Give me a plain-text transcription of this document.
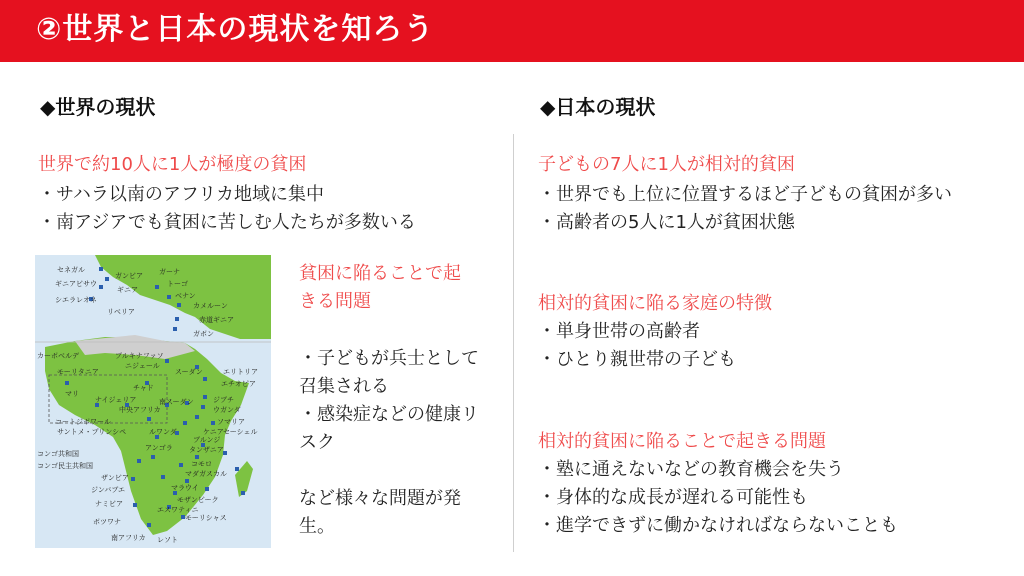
②世界と日本の現状を知ろう
◆世界の現状
世界で約10人に1人が極度の貧困
・サハラ以南のアフリカ地域に集中
・南アジアでも貧困に苦しむ人たちが多数いる
セネガル
ガンビア
ギニアビサウ
ギニア
シエラレオネ
リベリア
ガーナ
トーゴ
ベナン
カメルーン
赤道ギニア
ガボン
カーボベルデ	ブルキナファソ
ニジェール
モーリタニア	スーダン	エリトリア
エチオピア
チャド
マリ
ナイジェリア	ジブチ
ウガンダ
南スーダン
中央アフリカ
ソマリア
コートジボワール
サントメ・プリンシペ	ルワンダ	ケニア セーシェル
ブルンジ
タンザニア
コンゴ共和国
コンゴ民主共和国
アンゴラ
コモロ
マダガスカル
ザンビア
マラウイ
ジンバブエ
モザンビーク
ナミビア
エスワティニ
モーリシャス
ボツワナ
南アフリカ レソト
貧困に陥ることで起
きる問題
・子どもが兵士として
召集される
・感染症などの健康リ
スク
など様々な問題が発
生。
◆日本の現状
子どもの7人に1人が相対的貧困
・世界でも上位に位置するほど子どもの貧困が多い
・高齢者の5人に1人が貧困状態
相対的貧困に陥る家庭の特徴
・単身世帯の高齢者
・ひとり親世帯の子ども
相対的貧困に陥ることで起きる問題
・塾に通えないなどの教育機会を失う
・身体的な成長が遅れる可能性も
・進学できずに働かなければならないことも
